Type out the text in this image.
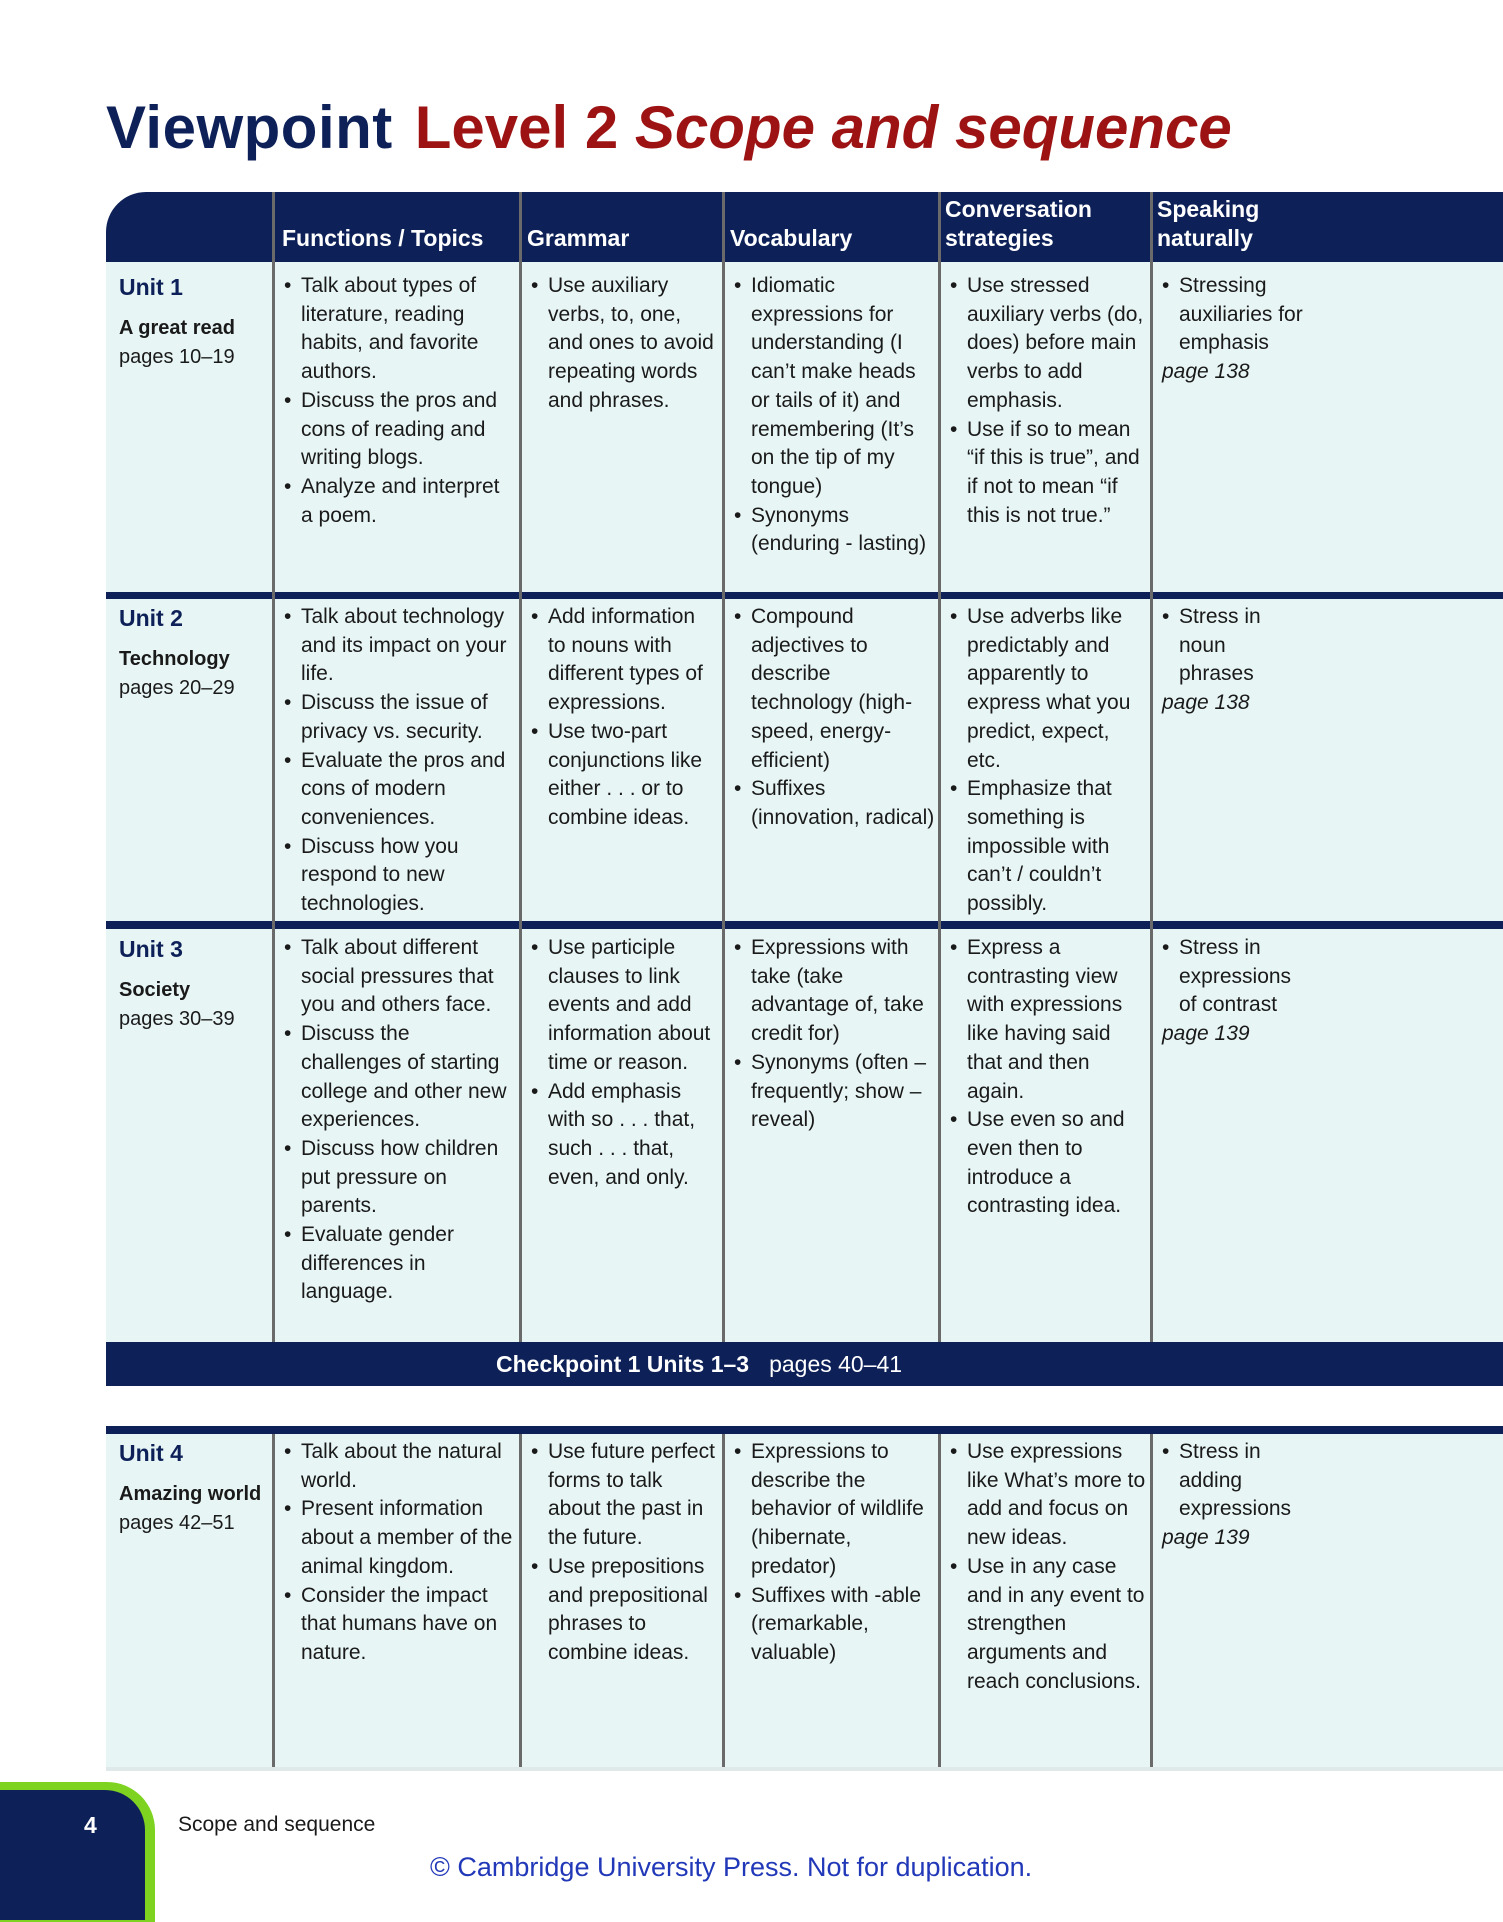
Viewpoint Level 2 Scope and sequence
Functions / Topics Grammar	Vocabulary
Conversation strategies
Speaking naturally
Unit 1
A great read
pages 10–19
• Talk about types of literature, reading habits, and favorite authors.
• Discuss the pros and cons of reading and writing blogs.
• Analyze and interpret a poem.
• Use auxiliary verbs, to, one, and ones to avoid repeating words and phrases.
• Idiomatic expressions for understanding (I can’t make heads or tails of it) and remembering (It’s on the tip of my tongue)
• Synonyms (enduring - lasting)
• Use stressed auxiliary verbs (do, does) before main verbs to add emphasis.
• Use if so to mean “if this is true”, and if not to mean “if this is not true.”
• Stressing auxiliaries for emphasis
page 138
Unit 2
Technology
pages 20–29
• Talk about technology and its impact on your life.
• Discuss the issue of privacy vs. security.
• Evaluate the pros and cons of modern conveniences.
• Discuss how you respond to new technologies.
• Add information to nouns with different types of expressions.
• Use two-part conjunctions like either . . . or to combine ideas.
• Compound adjectives to describe technology (high-speed, energy-efficient)
• Suffixes (innovation, radical)
• Use adverbs like predictably and apparently to express what you predict, expect, etc.
• Emphasize that something is impossible with can’t / couldn’t possibly.
• Stress in noun phrases
page 138
Unit 3
Society
pages 30–39
• Talk about different social pressures that you and others face.
• Discuss the challenges of starting college and other new experiences.
• Discuss how children put pressure on parents.
• Evaluate gender differences in language.
• Use participle clauses to link events and add information about time or reason.
• Add emphasis with so . . . that, such . . . that, even, and only.
• Expressions with take (take advantage of, take credit for)
• Synonyms (often – frequently; show – reveal)
• Express a contrasting view with expressions like having said that and then again.
• Use even so and even then to introduce a contrasting idea.
• Stress in expressions of contrast
page 139
Checkpoint 1 Units 1–3 pages 40–41
Unit 4
Amazing world
pages 42–51
• Talk about the natural world.
• Present information about a member of the animal kingdom.
• Consider the impact that humans have on nature.
• Use future perfect forms to talk about the past in the future.
• Use prepositions and prepositional phrases to combine ideas.
• Expressions to describe the behavior of wildlife (hibernate, predator)
• Suffixes with -able (remarkable, valuable)
• Use expressions like What’s more to add and focus on new ideas.
• Use in any case and in any event to strengthen arguments and reach conclusions.
• Stress in adding expressions
page 139
4	Scope and sequence
© Cambridge University Press. Not for duplication.
